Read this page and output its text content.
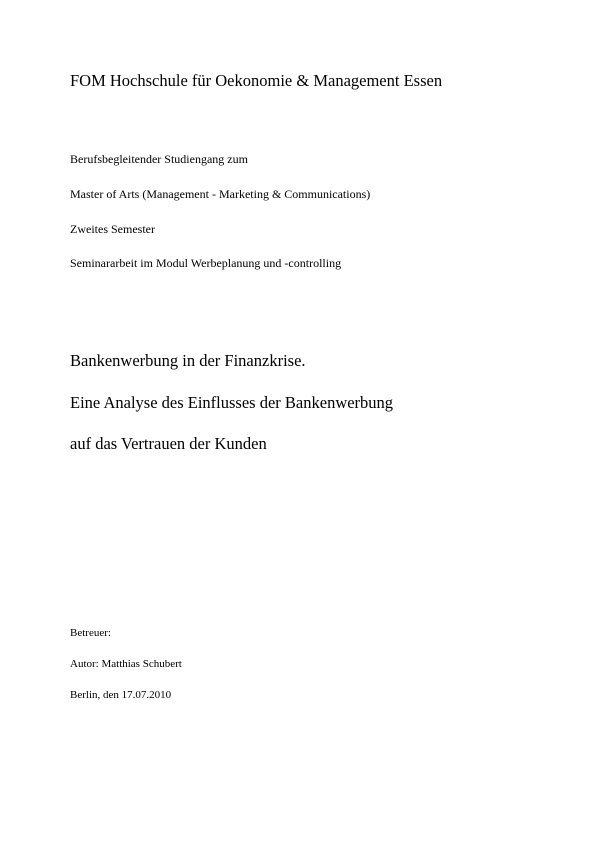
FOM Hochschule für Oekonomie & Management Essen
Berufsbegleitender Studiengang zum
Master of Arts (Management - Marketing & Communications)
Zweites Semester
Seminararbeit im Modul Werbeplanung und -controlling
Bankenwerbung in der Finanzkrise.
Eine Analyse des Einflusses der Bankenwerbung
auf das Vertrauen der Kunden
Betreuer:
Autor: Matthias Schubert
Berlin, den 17.07.2010
